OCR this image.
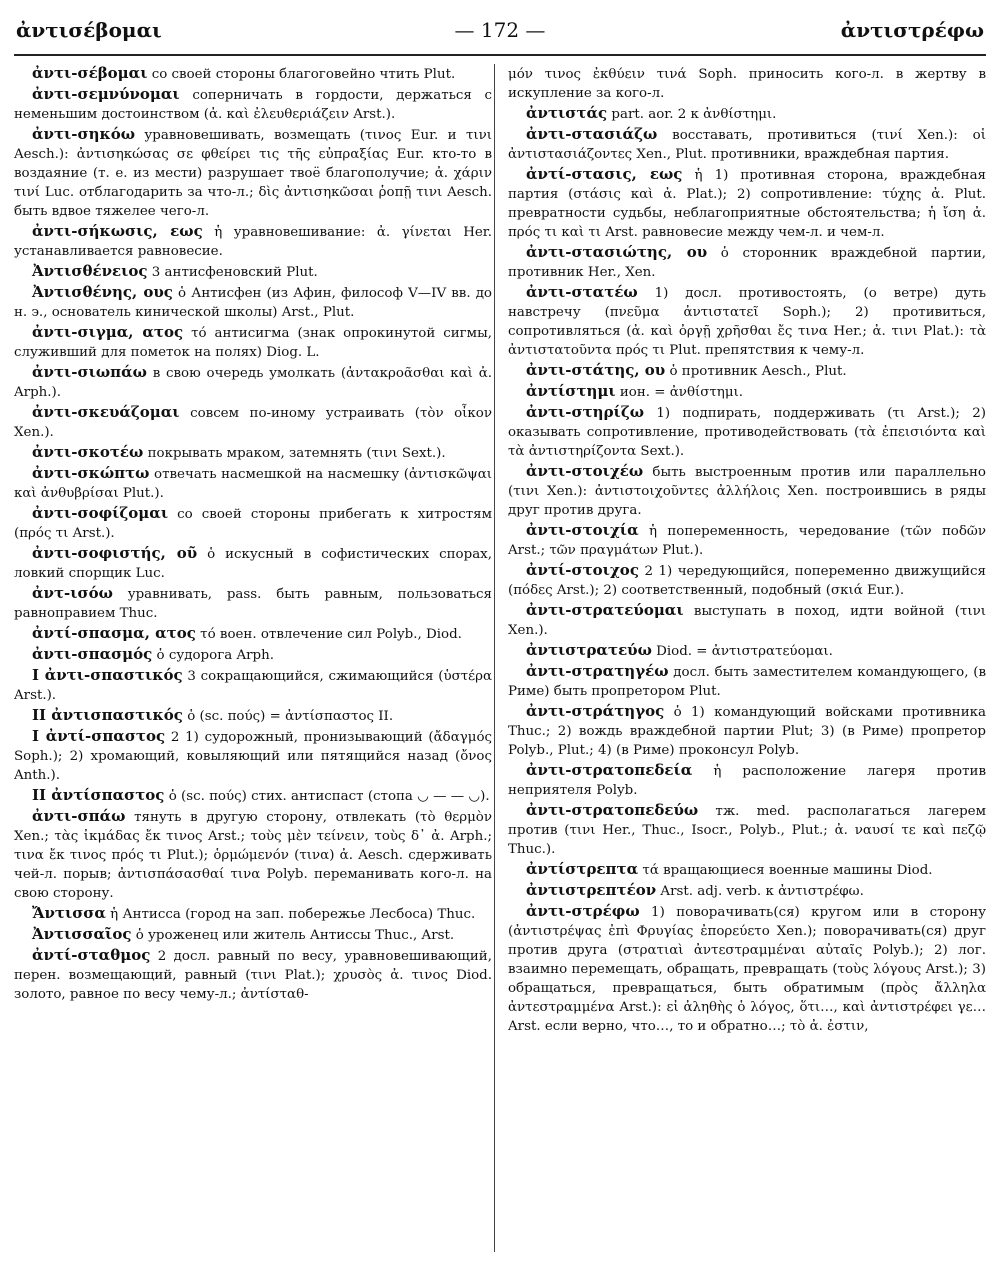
ἀντισέβομαι	— 172 —	ἀντιστρέφω

ἀντι-σέβομαι со своей стороны благоговейно чтить Plut.

ἀντι-σεμνύνομαι соперничать в гордости, держаться с неменьшим достоинством (ἀ. καὶ ἐλευθεριάζειν Arst.).

ἀντι-σηκόω уравновешивать, возмещать (τινος Eur. и τινι Aesch.): ἀντισηκώσας σε φθείρει τις τῆς εὐπραξίας Eur. кто-то в воздаяние (т. е. из мести) разрушает твоё благополучие; ἀ. χάριν τινί Luc. отблагодарить за что-л.; δὶς ἀντισηκῶσαι ῥοπῇ τινι Aesch. быть вдвое тяжелее чего-л.

ἀντι-σήκωσις, εως ἡ уравновешивание: ἀ. γίνεται Her. устанавливается равновесие.

Ἀντισθένειος 3 антисфеновский Plut.

Ἀντισθένης, ους ὁ Антисфен (из Афин, философ V—IV вв. до н. э., основатель кинической школы) Arst., Plut.

ἀντι-σιγμα, ατος τό антисигма (знак опрокинутой сигмы, служивший для пометок на полях) Diog. L.

ἀντι-σιωπάω в свою очередь умолкать (ἀντακροᾶσθαι καὶ ἀ. Arph.).

ἀντι-σκευάζομαι совсем по-иному устраивать (τὸν οἶκον Xen.).

ἀντι-σκοτέω покрывать мраком, затемнять (τινι Sext.).

ἀντι-σκώπτω отвечать насмешкой на насмешку (ἀντισκῶψαι καὶ ἀνθυβρίσαι Plut.).

ἀντι-σοφίζομαι со своей стороны прибегать к хитростям (πρός τι Arst.).

ἀντι-σοφιστής, οῦ ὁ искусный в софистических спорах, ловкий спорщик Luc.

ἀντ-ισόω уравнивать, pass. быть равным, пользоваться равноправием Thuc.

ἀντί-σπασμα, ατος τό воен. отвлечение сил Polyb., Diod.

ἀντι-σπασμός ὁ судорога Arph.

I ἀντι-σπαστικός 3 сокращающийся, сжимающийся (ὑστέρα Arst.).

II ἀντισπαστικός ὁ (sc. πούς) = ἀντίσπαστος II.

I ἀντί-σπαστος 2 1) судорожный, пронизывающий (ἄδαγμός Soph.); 2) хромающий, ковыляющий или пятящийся назад (ὄνος Anth.).

II ἀντίσπαστος ὁ (sc. πούς) стих. антиспаст (стопа ◡ — — ◡).

ἀντι-σπάω тянуть в другую сторону, отвлекать (τὸ θερμὸν Xen.; τὰς ἰκμάδας ἔκ τινος Arst.; τοὺς μὲν τείνειν, τοὺς δ᾽ ἀ. Arph.; τινα ἔκ τινος πρός τι Plut.); ὁρμώμενόν (τινα) ἀ. Aesch. сдерживать чей-л. порыв; ἀντισπάσασθαί τινα Polyb. переманивать кого-л. на свою сторону.

Ἄντισσα ἡ Антисса (город на зап. побережье Лесбоса) Thuc.

Ἀντισσαῖος ὁ уроженец или житель Антиссы Thuc., Arst.

ἀντί-σταθμος 2 досл. равный по весу, уравновешивающий, перен. возмещающий, равный (τινι Plat.); χρυσὸς ἀ. τινος Diod. золото, равное по весу чему-л.; ἀντίσταθ-

μόν τινος ἐκθύειν τινά Soph. приносить кого-л. в жертву в искупление за кого-л.

ἀντιστάς part. aor. 2 к ἀνθίστημι.

ἀντι-στασιάζω восставать, противиться (τινί Xen.): οἱ ἀντιστασιάζοντες Xen., Plut. противники, враждебная партия.

ἀντί-στασις, εως ἡ 1) противная сторона, враждебная партия (στάσις καὶ ἀ. Plat.); 2) сопротивление: τύχης ἀ. Plut. превратности судьбы, неблагоприятные обстоятельства; ἡ ἴση ἀ. πρός τι καὶ τι Arst. равновесие между чем-л. и чем-л.

ἀντι-στασιώτης, ου ὁ сторонник враждебной партии, противник Her., Xen.

ἀντι-στατέω 1) досл. противостоять, (о ветре) дуть навстречу (πνεῦμα ἀντιστατεῖ Soph.); 2) противиться, сопротивляться (ἀ. καὶ ὀργῇ χρῆσθαι ἔς τινα Her.; ἀ. τινι Plat.): τὰ ἀντιστατοῦντα πρός τι Plut. препятствия к чему-л.

ἀντι-στάτης, ου ὁ противник Aesch., Plut.

ἀντίστημι ион. = ἀνθίστημι.

ἀντι-στηρίζω 1) подпирать, поддерживать (τι Arst.); 2) оказывать сопротивление, противодействовать (τὰ ἐπεισιόντα καὶ τὰ ἀντιστηρίζοντα Sext.).

ἀντι-στοιχέω быть выстроенным против или параллельно (τινι Xen.): ἀντιστοιχοῦντες ἀλλήλοις Xen. построившись в ряды друг против друга.

ἀντι-στοιχία ἡ попеременность, чередование (τῶν ποδῶν Arst.; τῶν πραγμάτων Plut.).

ἀντί-στοιχος 2 1) чередующийся, попеременно движущийся (πόδες Arst.); 2) соответственный, подобный (σκιά Eur.).

ἀντι-στρατεύομαι выступать в поход, идти войной (τινι Xen.).

ἀντιστρατεύω Diod. = ἀντιστρατεύομαι.

ἀντι-στρατηγέω досл. быть заместителем командующего, (в Риме) быть пропретором Plut.

ἀντι-στράτηγος ὁ 1) командующий войсками противника Thuc.; 2) вождь враждебной партии Plut; 3) (в Риме) пропретор Polyb., Plut.; 4) (в Риме) проконсул Polyb.

ἀντι-στρατοπεδεία ἡ расположение лагеря против неприятеля Polyb.

ἀντι-στρατοπεδεύω тж. med. располагаться лагерем против (τινι Her., Thuc., Isocr., Polyb., Plut.; ἀ. ναυσί τε καὶ πεζῷ Thuc.).

ἀντίστρεπτα τά вращающиеся военные машины Diod.

ἀντιστρεπτέον Arst. adj. verb. к ἀντιστρέφω.

ἀντι-στρέφω 1) поворачивать(ся) кругом или в сторону (ἀντιστρέψας ἐπὶ Φρυγίας ἐπορεύετο Xen.); поворачивать(ся) друг против друга (στρατιαὶ ἀντεστραμμέναι αὐταῖς Polyb.); 2) лог. взаимно перемещать, обращать, превращать (τοὺς λόγους Arst.); 3) обращаться, превращаться, быть обратимым (πρὸς ἄλληλα ἀντεστραμμένα Arst.): εἰ ἀληθὴς ὁ λόγος, ὅτι…, καὶ ἀντιστρέφει γε… Arst. если верно, что…, то и обратно…; τὸ ἀ. ἐστιν,
